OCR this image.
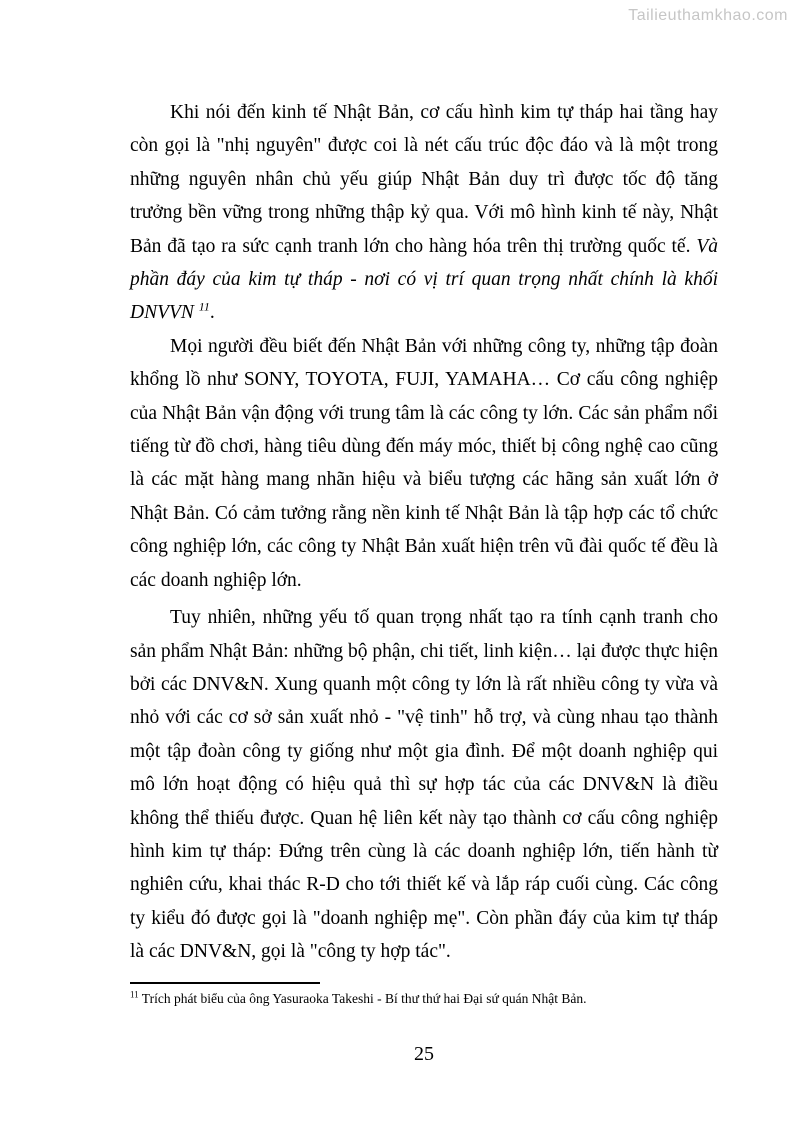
Tailieuthamkhao.com

Khi nói đến kinh tế Nhật Bản, cơ cấu hình kim tự tháp hai tầng hay còn gọi là "nhị nguyên" được coi là nét cấu trúc độc đáo và là một trong những nguyên nhân chủ yếu giúp Nhật Bản duy trì được tốc độ tăng trưởng bền vững trong những thập kỷ qua. Với mô hình kinh tế này, Nhật Bản đã tạo ra sức cạnh tranh lớn cho hàng hóa trên thị trường quốc tế. Và phần đáy của kim tự tháp - nơi có vị trí quan trọng nhất chính là khối DNVVN $^{11}$.

Mọi người đều biết đến Nhật Bản với những công ty, những tập đoàn khổng lồ như SONY, TOYOTA, FUJI, YAMAHA… Cơ cấu công nghiệp của Nhật Bản vận động với trung tâm là các công ty lớn. Các sản phẩm nổi tiếng từ đồ chơi, hàng tiêu dùng đến máy móc, thiết bị công nghệ cao cũng là các mặt hàng mang nhãn hiệu và biểu tượng các hãng sản xuất lớn ở Nhật Bản. Có cảm tưởng rằng nền kinh tế Nhật Bản là tập hợp các tổ chức công nghiệp lớn, các công ty Nhật Bản xuất hiện trên vũ đài quốc tế đều là các doanh nghiệp lớn.

Tuy nhiên, những yếu tố quan trọng nhất tạo ra tính cạnh tranh cho sản phẩm Nhật Bản: những bộ phận, chi tiết, linh kiện… lại được thực hiện bởi các DNV&N. Xung quanh một công ty lớn là rất nhiều công ty vừa và nhỏ với các cơ sở sản xuất nhỏ - "vệ tinh" hỗ trợ, và cùng nhau tạo thành một tập đoàn công ty giống như một gia đình. Để một doanh nghiệp qui mô lớn hoạt động có hiệu quả thì sự hợp tác của các DNV&N là điều không thể thiếu được. Quan hệ liên kết này tạo thành cơ cấu công nghiệp hình kim tự tháp: Đứng trên cùng là các doanh nghiệp lớn, tiến hành từ nghiên cứu, khai thác R-D cho tới thiết kế và lắp ráp cuối cùng. Các công ty kiểu đó được gọi là "doanh nghiệp mẹ". Còn phần đáy của kim tự tháp là các DNV&N, gọi là "công ty hợp tác".

$^{11}$ Trích phát biểu của ông Yasuraoka Takeshi - Bí thư thứ hai Đại sứ quán Nhật Bản.
25
